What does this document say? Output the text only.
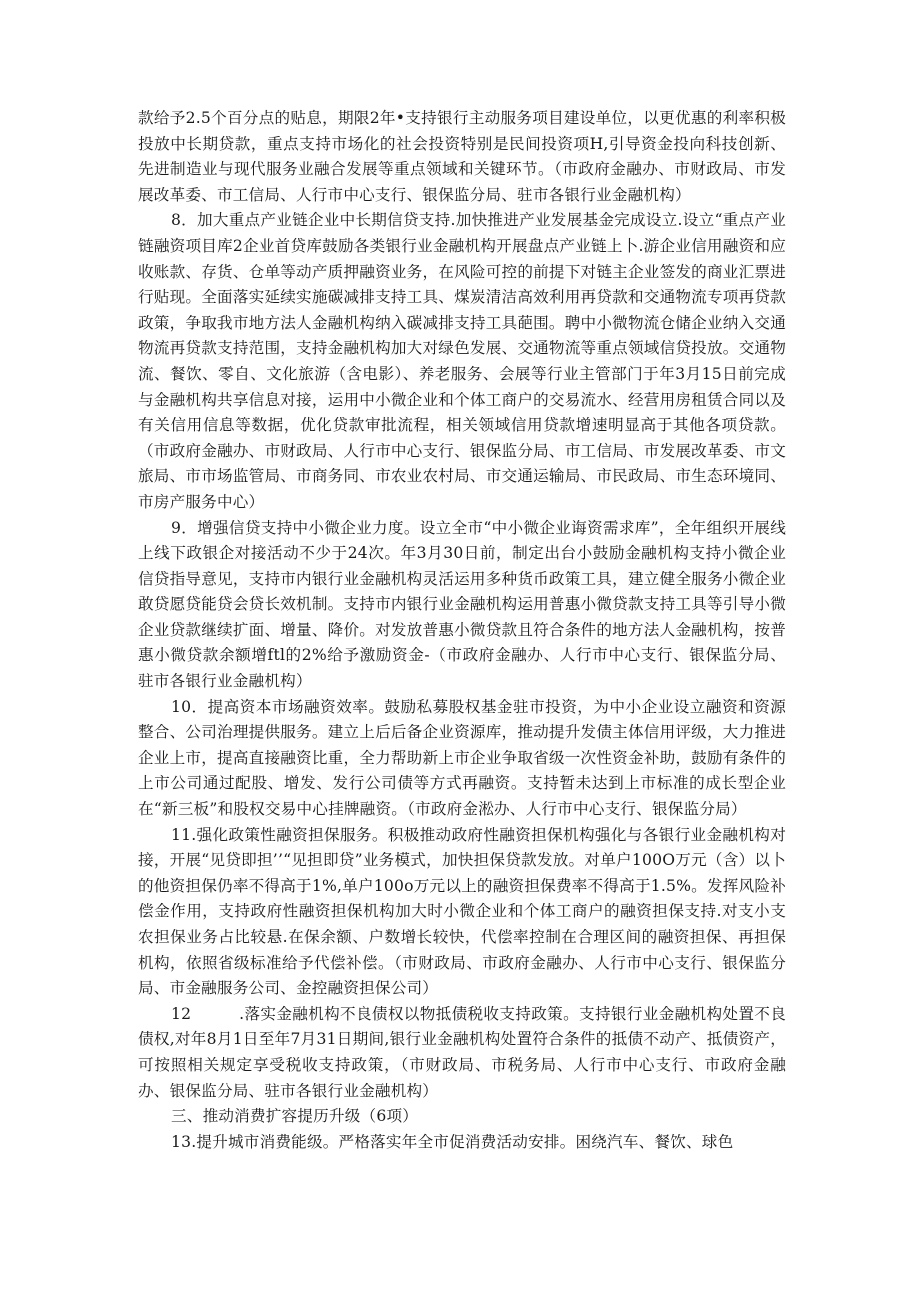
款给予2.5个百分点的贴息，期限2年•支持银行主动服务项目建设单位，以更优惠的利率积极投放中长期贷款，重点支持市场化的社会投资特别是民间投资项H,引导资金投向科技创新、先进制造业与现代服务业融合发展等重点领域和关键环节。（市政府金融办、市财政局、市发展改革委、市工信局、人行市中心支行、银保监分局、驻市各银行业金融机构）

8．加大重点产业链企业中长期信贷支持.加快推进产业发展基金完成设立.设立“重点产业链融资项目库2企业首贷库鼓励各类银行业金融机构开展盘点产业链上卜.游企业信用融资和应收账款、存货、仓单等动产质押融资业务，在风险可控的前提下对链主企业签发的商业汇票进行贴现。全面落实延续实施碳减排支持工具、煤炭清洁高效利用再贷款和交通物流专项再贷款政策，争取我市地方法人金融机构纳入碳减排支持工具葩围。聘中小微物流仓储企业纳入交通物流再贷款支持范围，支持金融机构加大对绿色发展、交通物流等重点领域信贷投放。交通物流、餐饮、零自、文化旅游（含电影）、养老服务、会展等行业主管部门于年3月15日前完成与金融机构共享信息对接，运用中小微企业和个体工商户的交易流水、经营用房租赁合同以及有关信用信息等数据，优化贷款审批流程，相关领域信用贷款增速明显高于其他各项贷款。（市政府金融办、市财政局、人行市中心支行、银保监分局、市工信局、市发展改革委、市文旅局、市市场监管局、市商务同、市农业农村局、市交通运输局、市民政局、市生态环境同、市房产服务中心）

9．增强信贷支持中小微企业力度。设立全市“中小微企业诲资需求库”，全年组织开展线上线下政银企对接活动不少于24次。年3月30日前，制定出台小鼓励金融机构支持小微企业信贷指导意见，支持市内银行业金融机构灵活运用多种货币政策工具，建立健全服务小微企业敢贷愿贷能贷会贷长效机制。支持市内银行业金融机构运用普惠小微贷款支持工具等引导小微企业贷款继续扩面、增量、降价。对发放普惠小微贷款且符合条件的地方法人金融机构，按普惠小微贷款余额增ftl的2%给予激励资金-（市政府金融办、人行市中心支行、银保监分局、驻市各银行业金融机构）

10．提高资本市场融资效率。鼓励私募股权基金驻市投资，为中小企业设立融资和资源整合、公司治理提供服务。建立上后后备企业资源库，推动提升发债主体信用评级，大力推进企业上市，提高直接融资比重，全力帮助新上市企业争取省级一次性资金补助，鼓励有条件的上市公司通过配股、增发、发行公司债等方式再融资。支持暂未达到上市标准的成长型企业在“新三板”和股权交易中心挂牌融资。（市政府金淞办、人行市中心支行、银保监分局）

11.强化政策性融资担保服务。积极推动政府性融资担保机构强化与各银行业金融机构对接，开展“见贷即担’’“见担即贷”业务模式，加快担保贷款发放。对单户100O万元（含）以卜的他资担保仍率不得高于1%,单户100o万元以上的融资担保费率不得高于1.5%。发挥风险补偿金作用，支持政府性融资担保机构加大时小微企业和个体工商户的融资担保支持.对支小支农担保业务占比较悬.在保余额、户数增长较快，代偿率控制在合理区间的融资担保、再担保机构，依照省级标准给予代偿补偿。（市财政局、市政府金融办、人行市中心支行、银保监分局、市金融服务公司、金控融资担保公司）

12　　　.落实金融机构不良债权以物抵债税收支持政策。支持银行业金融机构处置不良债权,对年8月1日至年7月31日期间,银行业金融机构处置符合条件的抵债不动产、抵债资产，可按照相关规定享受税收支持政策，（市财政局、市税务局、人行市中心支行、市政府金融办、银保监分局、驻市各银行业金融机构）

三、推动消费扩容提历升级（6项）

13.提升城市消费能级。严格落实年全市促消费活动安排。困绕汽车、餐饮、球色
